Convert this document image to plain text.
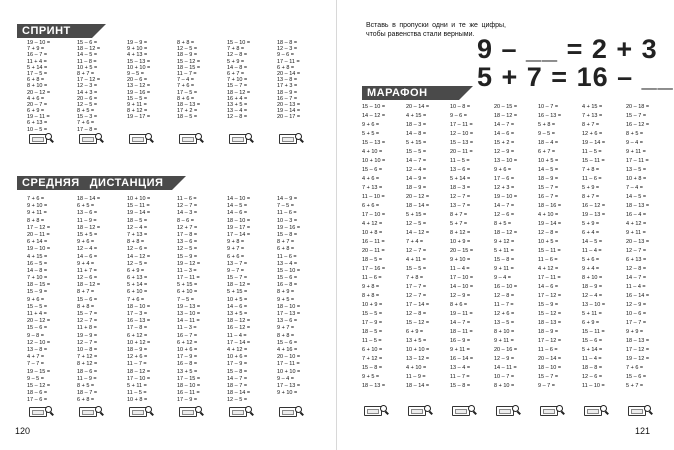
СПРИНТ
19 – 10 =
7 + 9 =
16 – 7 =
11 + 4 =
5 + 14 =
17 – 5 =
6 + 8 =
8 + 10 =
20 – 12 =
4 + 6 =
20 – 7 =
6 + 9 =
19 – 11 =
6 + 13 =
10 – 5 =
15 – 6 =
18 – 12 =
14 – 5 =
11 – 8 =
10 + 5 =
8 + 7 =
17 – 12 =
12 – 3 =
14 + 3 =
20 – 6 =
12 – 5 =
8 + 5 =
15 – 3 =
7 + 6 =
17 – 8 =
19 – 9 =
9 + 10 =
4 + 13 =
15 – 13 =
10 + 10 =
9 – 5 =
20 – 6 =
13 – 12 =
19 – 16 =
15 – 5 =
9 + 11 =
8 + 12 =
19 – 17 =
8 + 8 =
12 – 5 =
18 – 9 =
15 – 12 =
18 – 15 =
11 – 7 =
7 – 4 =
7 + 6 =
17 – 5 =
8 + 6 =
18 – 13 =
17 + 2 =
18 – 5 =
15 – 10 =
7 + 8 =
12 – 8 =
5 + 9 =
14 – 8 =
6 + 7 =
7 + 10 =
15 – 7 =
18 – 12 =
16 + 4 =
13 + 5 =
13 – 4 =
12 – 8 =
18 – 8 =
12 – 3 =
9 – 6 =
17 – 11 =
6 + 8 =
20 – 14 =
13 – 8 =
17 + 3 =
18 – 9 =
16 – 7 =
20 – 13 =
19 – 14 =
20 – 17 =
СРЕДНЯЯ ДИСТАНЦИЯ
7 + 6 =
9 + 10 =
9 + 11 =
8 + 8 =
17 – 12 =
20 – 11 =
6 + 14 =
19 – 10 =
4 + 15 =
16 – 5 =
14 – 8 =
7 + 10 =
18 – 15 =
15 – 9 =
9 + 6 =
15 – 5 =
11 + 4 =
20 – 12 =
15 – 6 =
9 – 8 =
12 – 10 =
13 – 8 =
4 + 7 =
7 – 7 =
19 – 15 =
9 – 5 =
15 – 12 =
18 – 6 =
17 – 6 =
18 – 14 =
6 + 5 =
13 – 6 =
11 – 9 =
18 – 12 =
15 + 5 =
9 + 6 =
12 – 4 =
14 – 6 =
9 + 4 =
11 + 7 =
12 – 6 =
18 – 12 =
8 + 7 =
15 – 6 =
8 + 8 =
15 – 7 =
12 – 7 =
11 + 8 =
19 – 9 =
12 – 7 =
10 – 8 =
7 + 12 =
8 + 12 =
18 – 6 =
11 – 9 =
8 + 5 =
18 – 7 =
6 + 8 =
10 + 10 =
15 – 11 =
19 – 14 =
18 – 5 =
12 – 4 =
7 + 13 =
8 + 8 =
12 – 6 =
14 – 12 =
12 – 5 =
6 + 9 =
6 + 13 =
5 + 14 =
6 + 10 =
7 + 6 =
18 – 10 =
17 – 3 =
16 – 13 =
17 – 8 =
6 + 12 =
10 + 12 =
18 – 9 =
12 + 6 =
11 – 7 =
18 – 12 =
17 – 10 =
5 + 11 =
11 – 5 =
10 + 8 =
11 – 6 =
12 – 7 =
14 – 3 =
8 – 6 =
12 + 7 =
17 – 8 =
13 – 6 =
12 – 5 =
15 – 9 =
19 – 12 =
11 – 3 =
17 – 11 =
5 + 15 =
6 + 10 =
7 – 5 =
19 – 13 =
13 – 10 =
14 – 11 =
11 – 3 =
16 – 7 =
6 + 12 =
10 + 6 =
17 – 9 =
16 – 8 =
13 + 5 =
17 – 15 =
18 – 10 =
16 – 11 =
17 – 9 =
14 – 10 =
14 – 5 =
14 – 6 =
18 – 10 =
19 – 17 =
17 – 14 =
9 + 8 =
9 + 7 =
6 + 6 =
13 – 7 =
9 – 7 =
15 – 7 =
18 – 12 =
5 + 15 =
10 + 5 =
14 – 6 =
13 + 5 =
18 – 12 =
16 – 12 =
11 – 4 =
17 – 14 =
4 + 12 =
10 + 6 =
17 – 9 =
15 – 8 =
14 – 7 =
18 – 7 =
18 – 14 =
12 – 5 =
14 – 9 =
7 – 5 =
11 – 6 =
10 – 3 =
19 – 16 =
15 – 8 =
8 + 7 =
6 + 8 =
11 – 6 =
13 – 4 =
15 – 10 =
15 – 6 =
16 – 8 =
8 + 9 =
9 + 5 =
18 – 10 =
17 – 13 =
13 – 6 =
9 + 7 =
8 + 8 =
15 – 6 =
4 + 16 =
20 – 10 =
17 – 11 =
10 + 10 =
9 – 4 =
17 – 13 =
9 + 10 =
120
Вставь в пропуски одни и те же цифры, чтобы равенства стали верными. 9 – __ = 2 + 3
5 + 7 = 16 – __
МАРАФОН
15 – 10 =
14 – 12 =
9 + 6 =
5 + 5 =
15 – 13 =
4 + 10 =
10 + 10 =
15 – 6 =
4 + 6 =
7 + 13 =
11 – 10 =
6 + 6 =
17 – 10 =
4 + 12 =
10 + 8 =
16 – 11 =
20 – 11 =
18 – 5 =
17 – 16 =
11 – 6 =
9 + 8 =
8 + 8 =
10 + 9 =
15 – 5 =
17 – 9 =
18 – 5 =
11 – 5 =
6 + 10 =
7 + 12 =
15 – 8 =
9 + 5 =
18 – 13 =
20 – 14 =
4 + 15 =
18 – 3 =
14 – 8 =
5 + 15 =
15 – 5 =
14 – 7 =
12 – 4 =
14 – 9 =
18 – 9 =
20 – 12 =
18 – 14 =
5 + 15 =
12 – 5 =
14 – 12 =
7 + 4 =
12 – 7 =
4 + 11 =
15 – 5 =
7 + 8 =
17 – 7 =
12 – 7 =
17 – 14 =
12 – 8 =
15 – 12 =
6 + 9 =
13 + 5 =
10 + 10 =
13 – 12 =
4 + 10 =
11 – 9 =
18 – 14 =
10 – 8 =
9 – 6 =
17 – 11 =
12 – 10 =
15 – 13 =
20 – 11 =
11 – 5 =
13 – 6 =
5 + 14 =
18 – 3 =
12 – 7 =
13 – 7 =
8 + 7 =
5 + 7 =
8 + 12 =
10 + 9 =
20 – 15 =
9 + 10 =
11 – 4 =
17 – 10 =
14 – 10 =
12 – 9 =
8 + 6 =
19 – 11 =
14 – 7 =
18 – 11 =
16 – 9 =
9 + 11 =
16 – 14 =
13 – 4 =
11 – 7 =
15 – 8 =
20 – 15 =
18 – 12 =
14 – 7 =
14 – 6 =
15 + 2 =
12 – 9 =
13 – 10 =
9 + 6 =
17 – 6 =
12 + 3 =
19 – 10 =
14 – 7 =
12 – 6 =
8 + 5 =
18 – 12 =
9 + 12 =
5 + 11 =
15 – 8 =
9 + 11 =
9 – 4 =
16 – 10 =
12 – 8 =
11 – 7 =
12 + 6 =
13 – 5 =
8 + 10 =
9 + 11 =
20 – 16 =
12 – 9 =
14 – 11 =
10 – 7 =
8 + 10 =
10 – 7 =
16 – 13 =
5 + 8 =
9 – 5 =
18 – 4 =
6 + 7 =
10 + 5 =
14 – 5 =
18 – 9 =
15 – 7 =
16 – 7 =
18 – 16 =
4 + 10 =
19 – 14 =
12 – 8 =
10 + 5 =
15 – 11 =
11 – 6 =
4 + 12 =
17 – 11 =
14 – 6 =
17 – 12 =
15 – 9 =
15 – 12 =
18 – 13 =
18 – 9 =
17 – 12 =
11 – 6 =
20 – 14 =
18 – 10 =
15 – 7 =
9 – 7 =
4 + 15 =
7 + 13 =
8 + 7 =
12 + 6 =
19 – 14 =
11 – 5 =
15 – 11 =
7 + 8 =
11 – 6 =
5 + 9 =
8 + 7 =
16 – 12 =
19 – 13 =
5 + 9 =
6 + 4 =
14 – 5 =
11 – 4 =
5 + 6 =
9 + 4 =
8 + 10 =
18 – 9 =
12 – 4 =
13 – 10 =
5 + 11 =
6 + 9 =
15 – 11 =
15 – 6 =
5 + 14 =
11 – 4 =
18 – 8 =
12 – 6 =
11 – 10 =
20 – 18 =
15 – 7 =
16 – 12 =
8 + 5 =
9 – 4 =
9 + 11 =
17 – 11 =
13 – 5 =
10 + 8 =
7 – 4 =
14 – 5 =
18 – 13 =
16 – 4 =
4 + 12 =
9 + 11 =
20 – 13 =
12 – 7 =
6 + 13 =
12 – 8 =
14 – 7 =
11 – 4 =
16 – 14 =
12 – 9 =
10 – 6 =
17 – 7 =
9 + 9 =
18 – 13 =
17 – 12 =
19 – 12 =
7 + 6 =
15 – 6 =
5 + 7 =
121
